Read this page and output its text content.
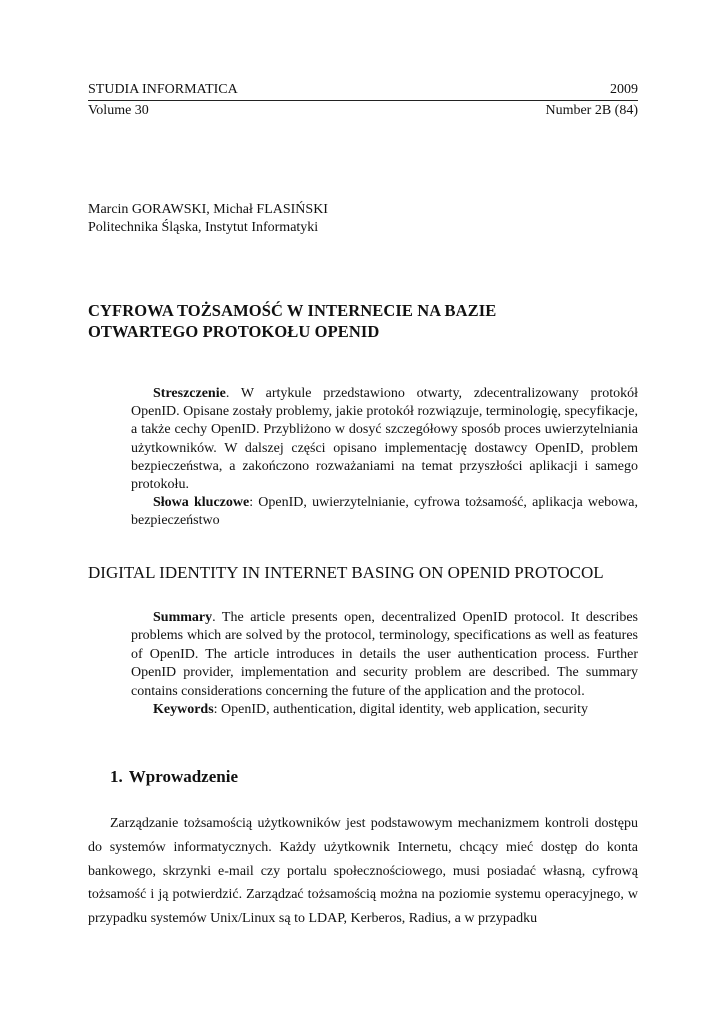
STUDIA INFORMATICA	2009
Volume 30	Number 2B (84)
Marcin GORAWSKI, Michał FLASIŃSKI
Politechnika Śląska, Instytut Informatyki
CYFROWA TOŻSAMOŚĆ W INTERNECIE NA BAZIE
OTWARTEGO PROTOKOŁU OPENID
Streszczenie. W artykule przedstawiono otwarty, zdecentralizowany protokół OpenID. Opisane zostały problemy, jakie protokół rozwiązuje, terminologię, specyfikacje, a także cechy OpenID. Przybliżono w dosyć szczegółowy sposób proces uwierzytelniania użytkowników. W dalszej części opisano implementację dostawcy OpenID, problem bezpieczeństwa, a zakończono rozważaniami na temat przyszłości aplikacji i samego protokołu.
Słowa kluczowe: OpenID, uwierzytelnianie, cyfrowa tożsamość, aplikacja webowa, bezpieczeństwo
DIGITAL IDENTITY IN INTERNET BASING ON OPENID PROTOCOL
Summary. The article presents open, decentralized OpenID protocol. It describes problems which are solved by the protocol, terminology, specifications as well as features of OpenID. The article introduces in details the user authentication process. Further OpenID provider, implementation and security problem are described. The summary contains considerations concerning the future of the application and the protocol.
Keywords: OpenID, authentication, digital identity, web application, security
1. Wprowadzenie
Zarządzanie tożsamością użytkowników jest podstawowym mechanizmem kontroli dostępu do systemów informatycznych. Każdy użytkownik Internetu, chcący mieć dostęp do konta bankowego, skrzynki e-mail czy portalu społecznościowego, musi posiadać własną, cyfrową tożsamość i ją potwierdzić. Zarządzać tożsamością można na poziomie systemu operacyjnego, w przypadku systemów Unix/Linux są to LDAP, Kerberos, Radius, a w przypadku
